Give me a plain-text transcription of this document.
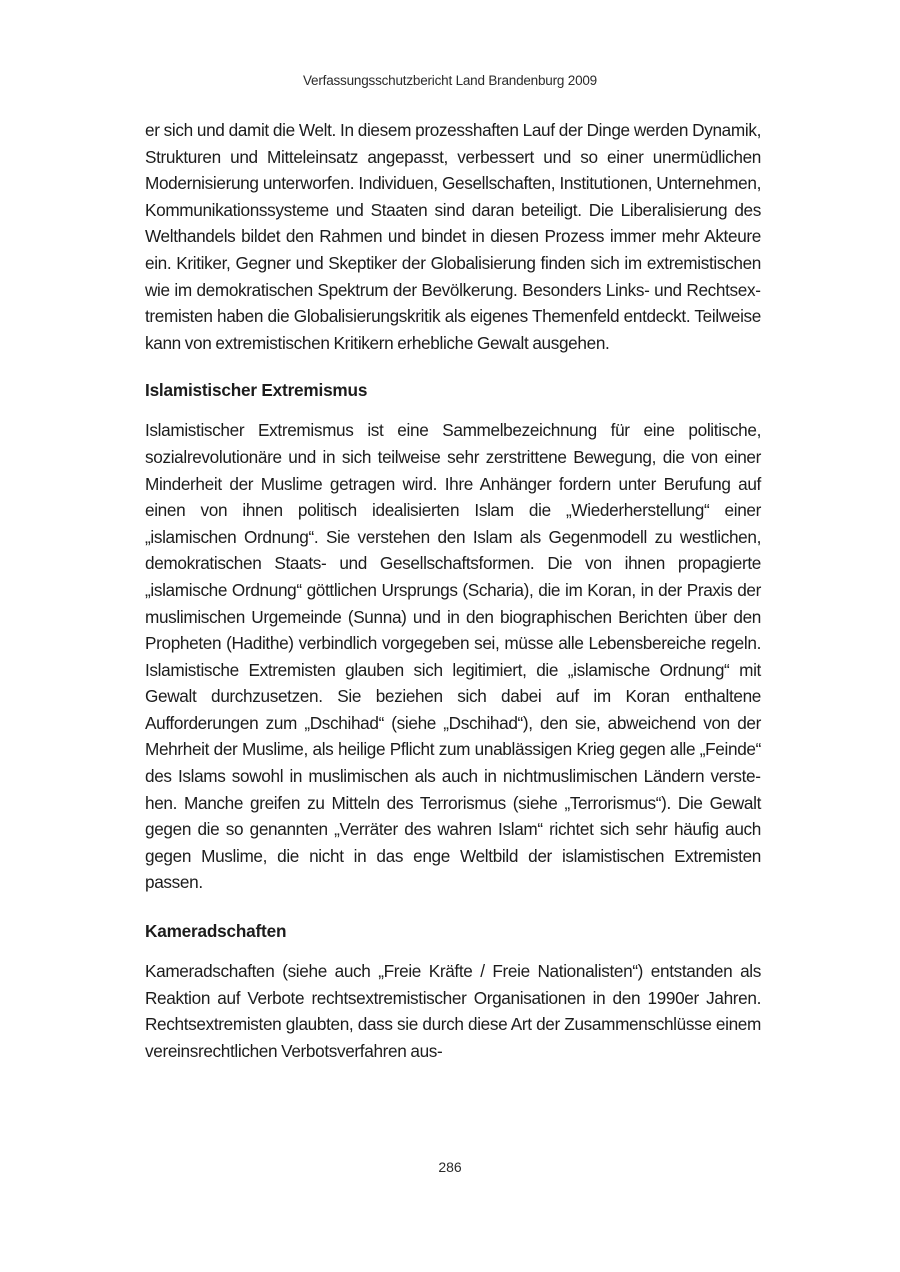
Verfassungsschutzbericht Land Brandenburg 2009

er sich und damit die Welt. In diesem prozesshaften Lauf der Dinge werden Dynamik, Strukturen und Mitteleinsatz angepasst, verbessert und so einer unermüdlichen Modernisierung unterworfen. Individuen, Gesellschaften, Institutionen, Unternehmen, Kommunikationssysteme und Staaten sind daran beteiligt. Die Liberalisierung des Welthandels bildet den Rahmen und bindet in diesen Prozess immer mehr Akteure ein. Kritiker, Gegner und Skeptiker der Globalisierung finden sich im extremistischen wie im demokratischen Spektrum der Bevölkerung. Besonders Links- und Rechtsextremisten haben die Globalisierungskritik als eigenes Themenfeld entdeckt. Teilweise kann von extremistischen Kritikern erhebliche Gewalt ausgehen.

Islamistischer Extremismus

Islamistischer Extremismus ist eine Sammelbezeichnung für eine politische, sozialrevolutionäre und in sich teilweise sehr zerstrittene Bewegung, die von einer Minderheit der Muslime getragen wird. Ihre Anhänger fordern unter Berufung auf einen von ihnen politisch idealisierten Islam die „Wiederherstellung“ einer „islamischen Ordnung“. Sie verstehen den Islam als Gegenmodell zu westlichen, demokratischen Staats- und Gesellschaftsformen. Die von ihnen propagierte „islamische Ordnung“ göttlichen Ursprungs (Scharia), die im Koran, in der Praxis der muslimischen Urgemeinde (Sunna) und in den biographischen Berichten über den Propheten (Hadithe) verbindlich vorgegeben sei, müsse alle Lebensbereiche regeln. Islamistische Extremisten glauben sich legitimiert, die „islamische Ordnung“ mit Gewalt durchzusetzen. Sie beziehen sich dabei auf im Koran enthaltene Aufforderungen zum „Dschihad“ (siehe „Dschihad“), den sie, abweichend von der Mehrheit der Muslime, als heilige Pflicht zum unablässigen Krieg gegen alle „Feinde“ des Islams sowohl in muslimischen als auch in nichtmuslimischen Ländern verstehen. Manche greifen zu Mitteln des Terrorismus (siehe „Terrorismus“). Die Gewalt gegen die so genannten „Verräter des wahren Islam“ richtet sich sehr häufig auch gegen Muslime, die nicht in das enge Weltbild der islamistischen Extremisten passen.

Kameradschaften

Kameradschaften (siehe auch „Freie Kräfte / Freie Nationalisten“) entstanden als Reaktion auf Verbote rechtsextremistischer Organisationen in den 1990er Jahren. Rechtsextremisten glaubten, dass sie durch diese Art der Zusammenschlüsse einem vereinsrechtlichen Verbotsverfahren aus-

286
